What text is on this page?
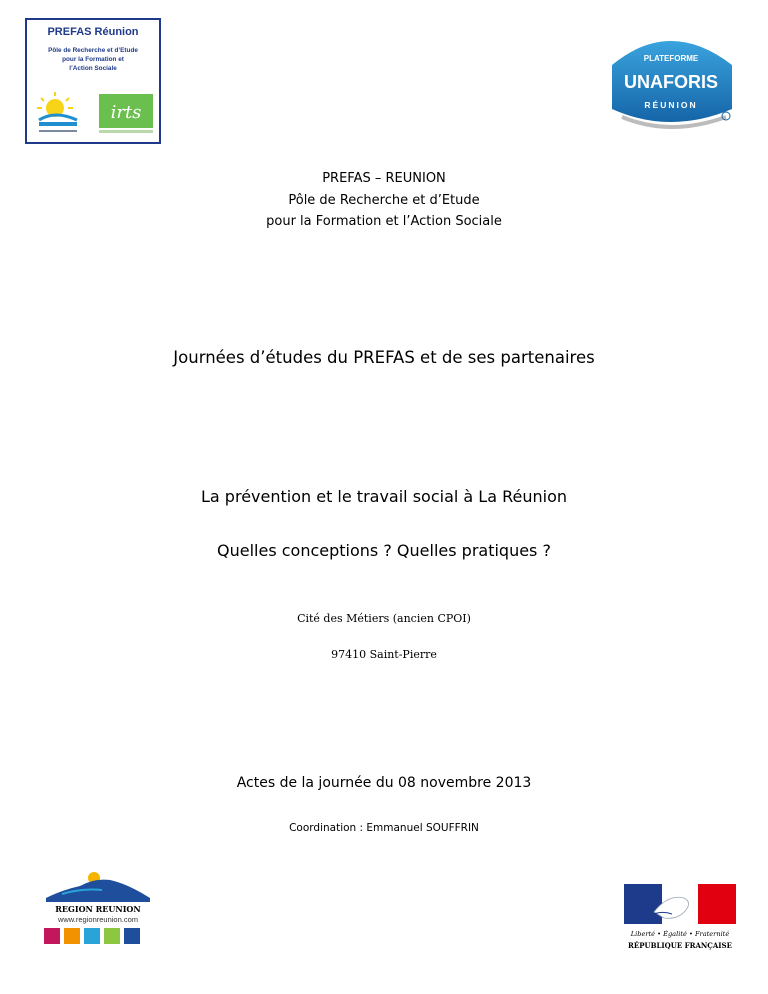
PREFAS Réunion
Pôle de Recherche et d’Etude
pour la Formation et
l’Action Sociale
irts
PLATEFORME
UNAFORIS
RÉUNION
PREFAS – REUNION
Pôle de Recherche et d’Etude
pour la Formation et l’Action Sociale
Journées d’études du PREFAS et de ses partenaires
La prévention et le travail social à La Réunion
Quelles conceptions ? Quelles pratiques ?
Cité des Métiers (ancien CPOI)
97410 Saint-Pierre
Actes de la journée du 08 novembre 2013
Coordination : Emmanuel SOUFFRIN
REGION REUNION
www.regionreunion.com
Liberté • Égalité • Fraternité
RÉPUBLIQUE FRANÇAISE
